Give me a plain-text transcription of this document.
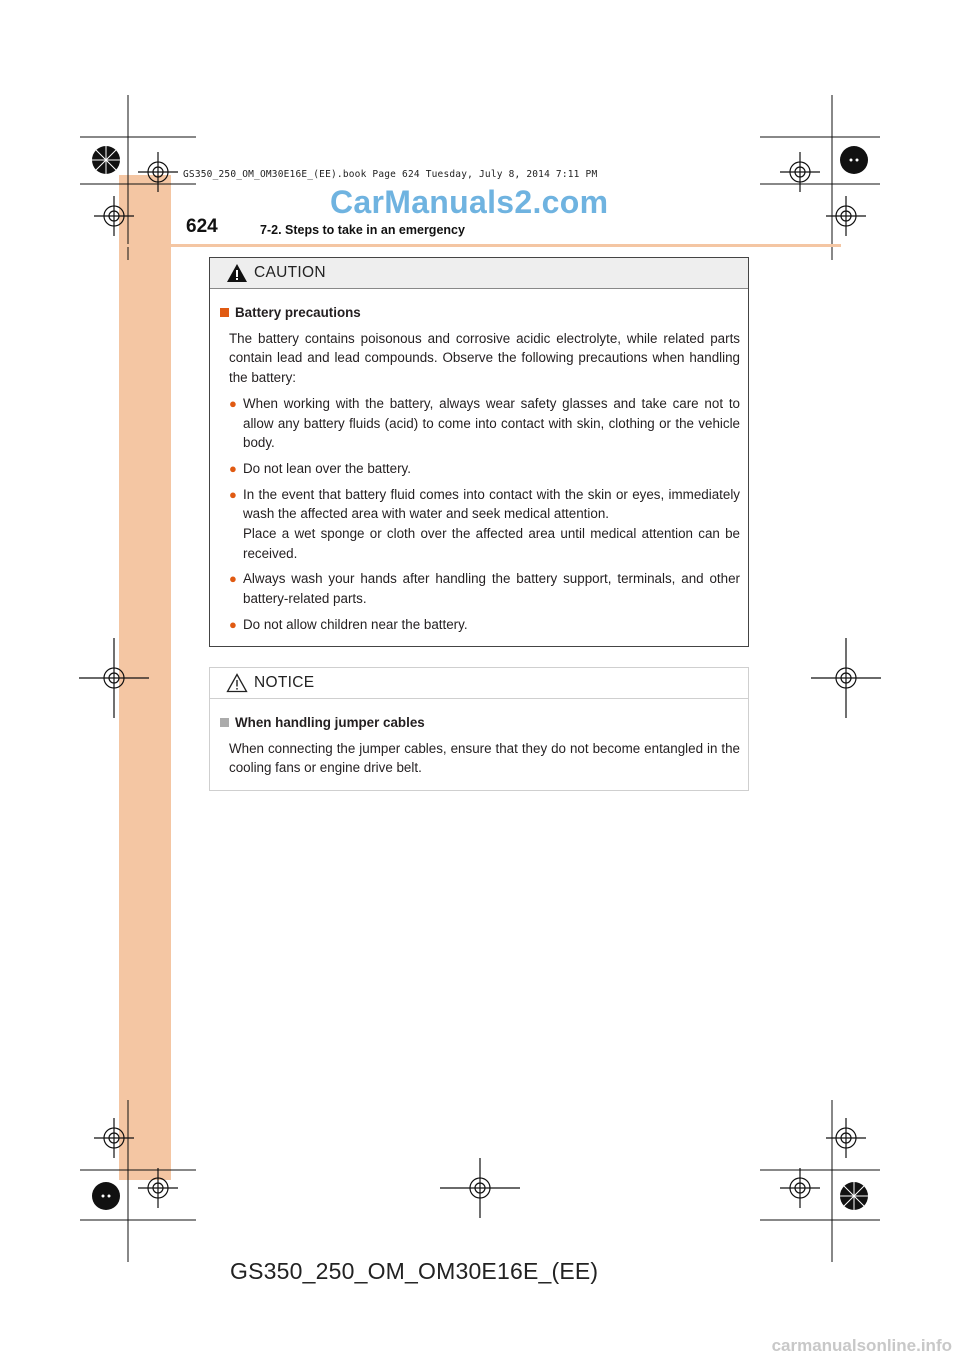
GS350_250_OM_OM30E16E_(EE).book Page 624 Tuesday, July 8, 2014 7:11 PM
CarManuals2.com
624	7-2. Steps to take in an emergency
CAUTION
Battery precautions
The battery contains poisonous and corrosive acidic electrolyte, while related parts contain lead and lead compounds. Observe the following precautions when handling the battery:
● When working with the battery, always wear safety glasses and take care not to allow any battery fluids (acid) to come into contact with skin, clothing or the vehicle body.
● Do not lean over the battery.
● In the event that battery fluid comes into contact with the skin or eyes, immediately wash the affected area with water and seek medical attention.
Place a wet sponge or cloth over the affected area until medical attention can be received.
● Always wash your hands after handling the battery support, terminals, and other battery-related parts.
● Do not allow children near the battery.
NOTICE
When handling jumper cables
When connecting the jumper cables, ensure that they do not become entangled in the cooling fans or engine drive belt.
GS350_250_OM_OM30E16E_(EE)
carmanualsonline.info
